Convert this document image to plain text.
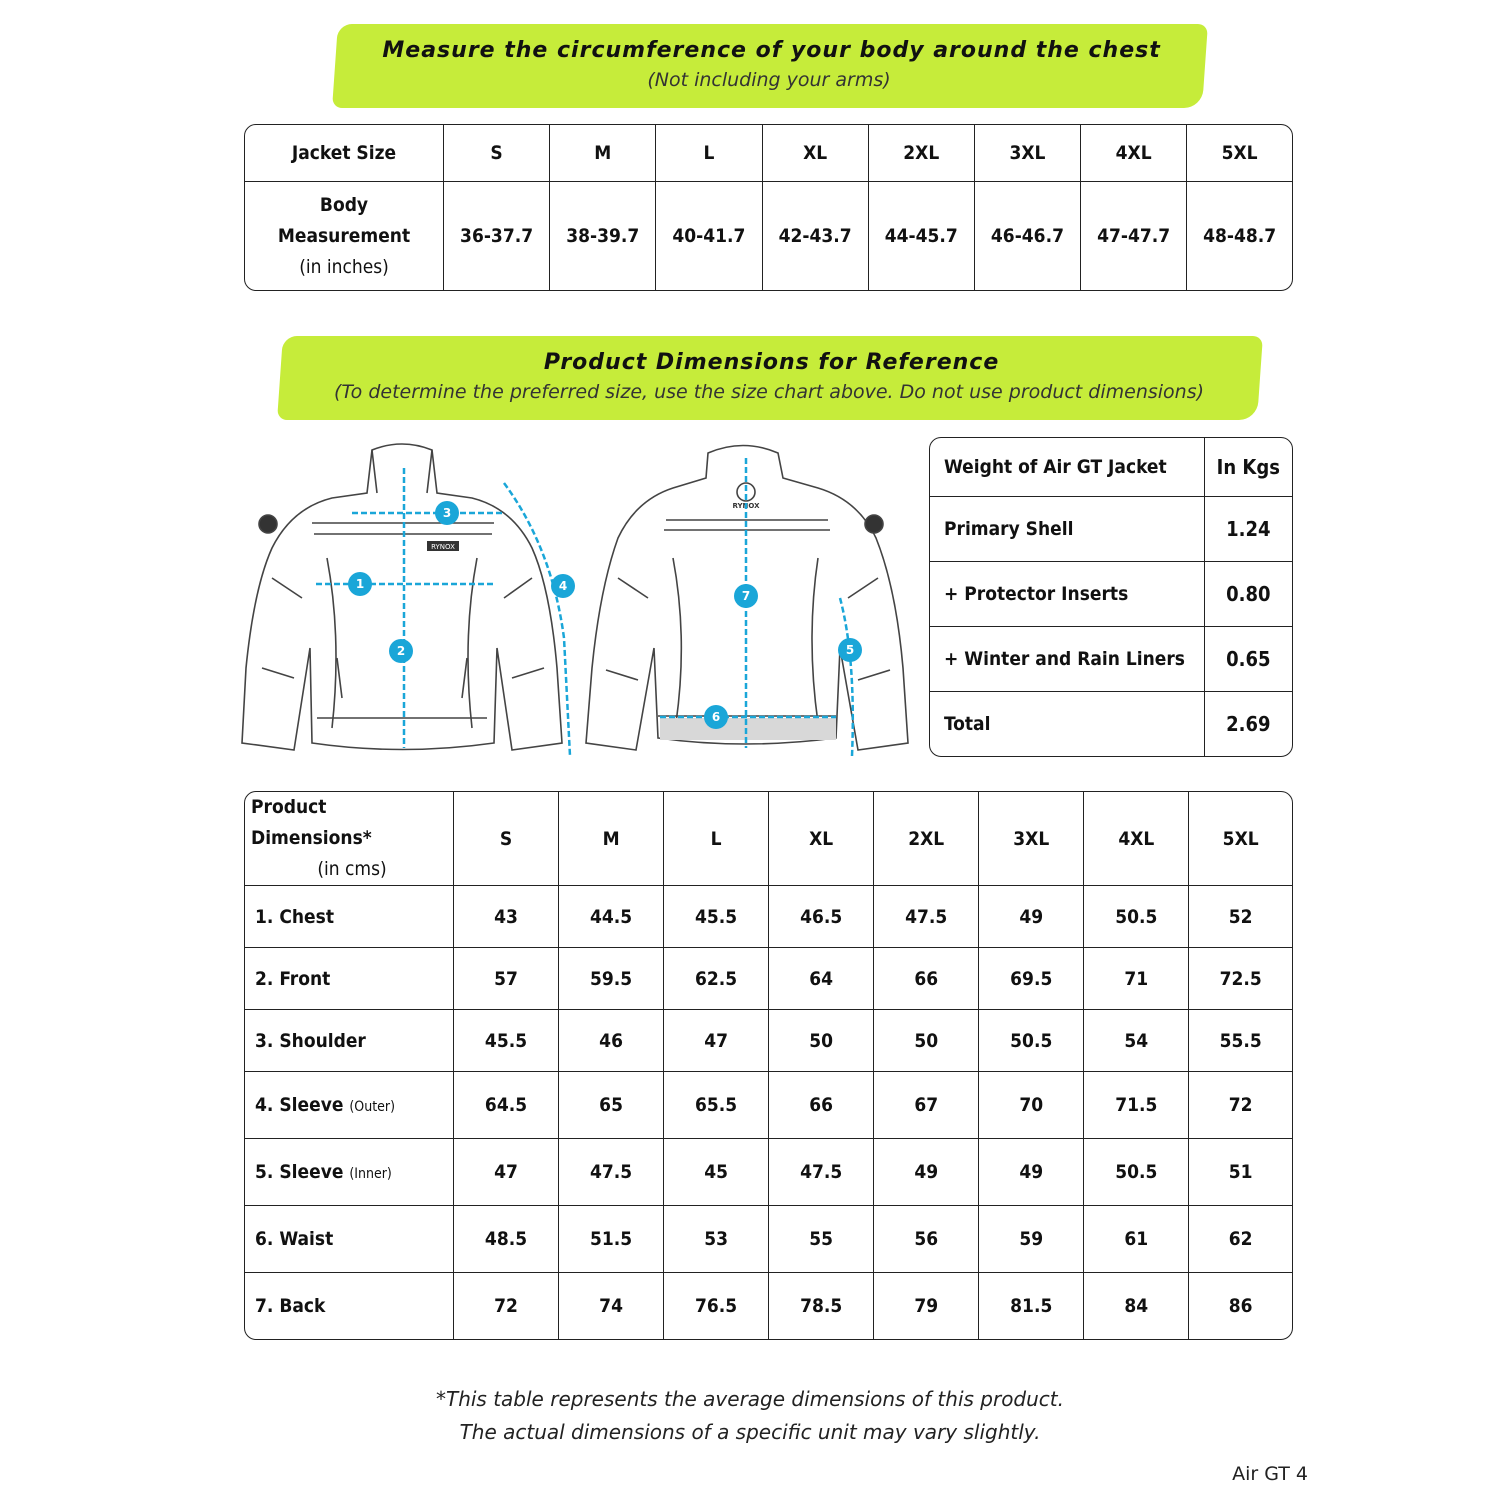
Measure the circumference of your body around the chest
(Not including your arms)
Jacket Size	S	M	L	XL	2XL	3XL	4XL	5XL

Body
Measurement
(in inches)	36-37.7	38-39.7	40-41.7	42-43.7	44-45.7	46-46.7	47-47.7	48-48.7
Product Dimensions for Reference
(To determine the preferred size, use the size chart above. Do not use product dimensions)
RYNOX
1
2
3
4
RYNOX
7
6
5
Weight of Air GT Jacket	In Kgs
Primary Shell	1.24
+ Protector Inserts	0.80
+ Winter and Rain Liners	0.65
Total	2.69
Product Dimensions*
(in cms)	S	M	L	XL	2XL	3XL	4XL	5XL
1. Chest	43	44.5	45.5	46.5	47.5	49	50.5	52
2. Front	57	59.5	62.5	64	66	69.5	71	72.5
3. Shoulder	45.5	46	47	50	50	50.5	54	55.5
4. Sleeve (Outer)	64.5	65	65.5	66	67	70	71.5	72
5. Sleeve (Inner)	47	47.5	45	47.5	49	49	50.5	51
6. Waist	48.5	51.5	53	55	56	59	61	62
7. Back	72	74	76.5	78.5	79	81.5	84	86
*This table represents the average dimensions of this product.
The actual dimensions of a specific unit may vary slightly.
Air GT 4
